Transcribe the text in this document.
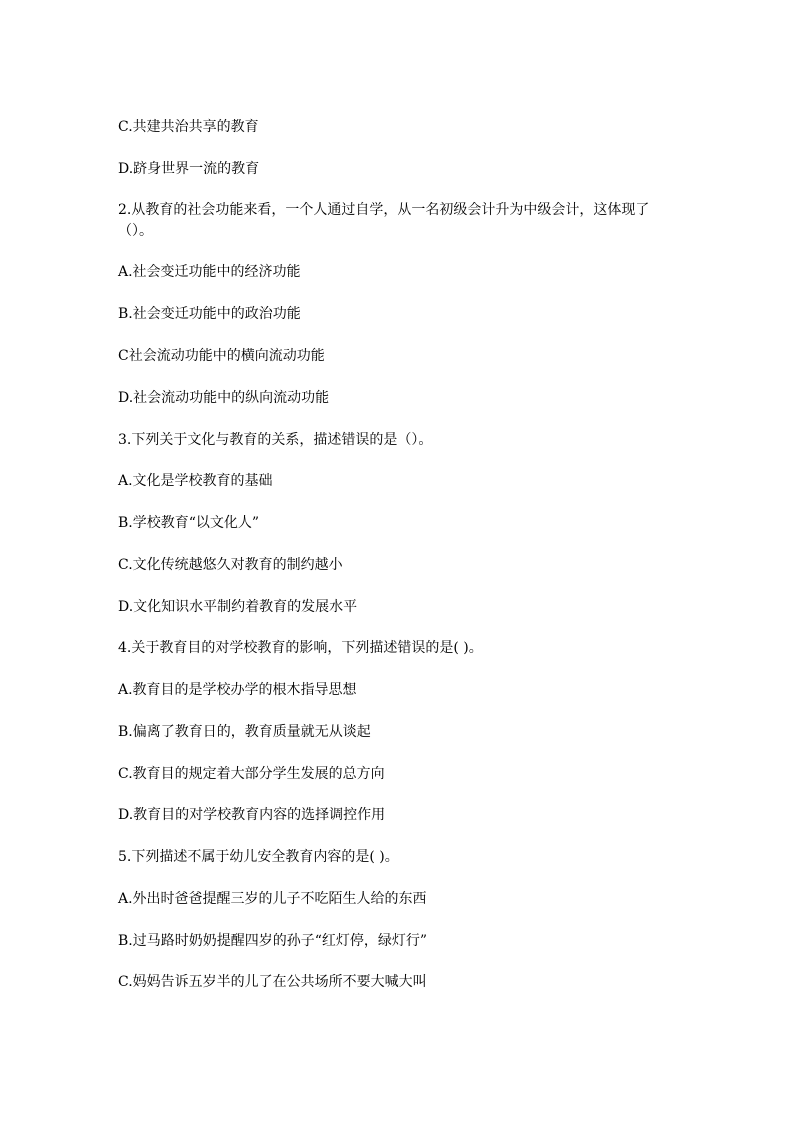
C.共建共治共享的教育
D.跻身世界一流的教育
2.从教育的社会功能来看，一个人通过自学，从一名初级会计升为中级会计，这体现了（）。
A.社会变迁功能中的经济功能
B.社会变迁功能中的政治功能
C社会流动功能中的横向流动功能
D.社会流动功能中的纵向流动功能
3.下列关于文化与教育的关系，描述错误的是（）。
A.文化是学校教育的基础
B.学校教育“以文化人”
C.文化传统越悠久对教育的制约越小
D.文化知识水平制约着教育的发展水平
4.关于教育目的对学校教育的影响，下列描述错误的是( )。
A.教育目的是学校办学的根木指导思想
B.偏离了教育日的，教育质量就无从谈起
C.教育目的规定着大部分学生发展的总方向
D.教育目的对学校教育内容的选择调控作用
5.下列描述不属于幼儿安全教育内容的是( )。
A.外出时爸爸提醒三岁的儿子不吃陌生人给的东西
B.过马路时奶奶提醒四岁的孙子“红灯停，绿灯行”
C.妈妈告诉五岁半的儿了在公共场所不要大喊大叫
